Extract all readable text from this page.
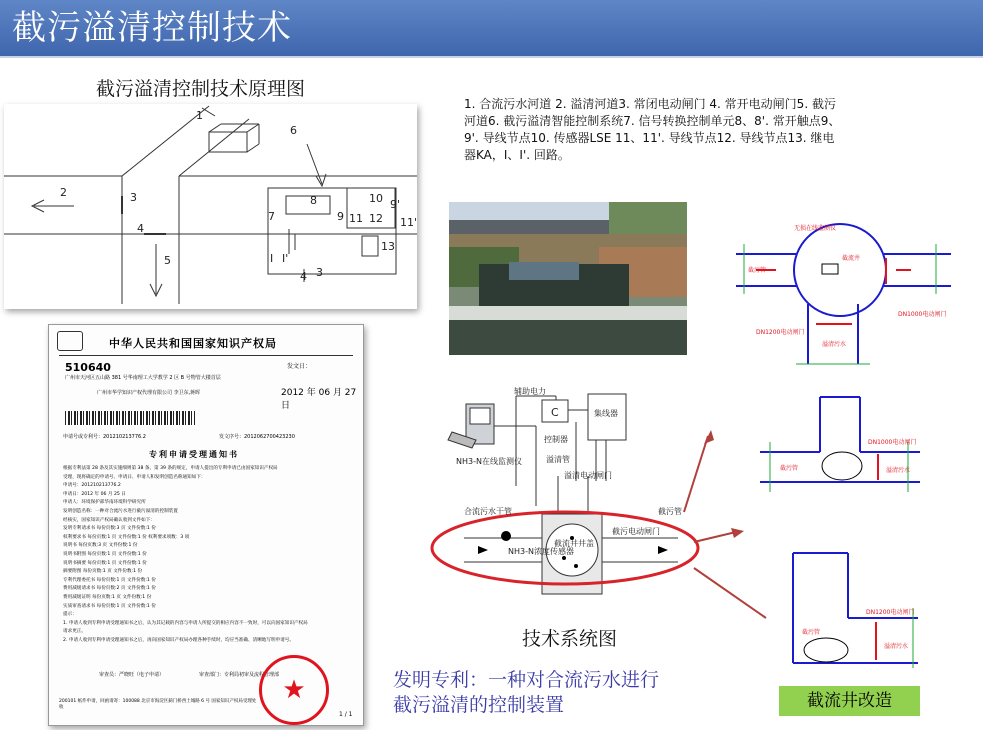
截污溢清控制技术
截污溢清控制技术原理图
1. 合流污水河道 2. 溢清河道3. 常闭电动闸门 4. 常开电动闸门5. 截污河道6. 截污溢清智能控制系统7. 信号转换控制单元8、8'. 常开触点9、9'. 导线节点10. 传感器LSE 11、11'. 导线节点12. 导线节点13. 继电器KA，I、I'. 回路。
1
2	3
4
5
6
7
8
9
10
11 12
13
I I'
3
9'
11'
4
无损在线监测仪
DN1000电动闸门
DN1200电动闸门
溢清污水
截污管
截流井
DN1000电动闸门
溢清污水
截污管
DN1200电动闸门
溢清污水
截污管
辅助电力
C	集线器
控制器
NH3-N在线监测仪	溢清管
溢清电动闸门
合流污水干管
NH3-N浓度传感器
截流井井盖
截污电动闸门
截污管
技术系统图
中华人民共和国国家知识产权局
510640
广州市天河区五山路 381 号华南理工大学教学 2 区 B 号物管大楼首层
广州市华学知识产权代理有限公司 李卫东,蒋晖
发文日：
2012 年 06 月 27 日
申请号或专利号：201210213776.2	发文序号：2012062700423230
专利申请受理通知书
根据专利法第 28 条及其实施细则第 38 条、第 39 条的规定，申请人提出的专利申请已由国家知识产权局
受理，现将确定的申请号、申请日、申请人和发明创造名称通知如下：
申请号：201210213776.2
申请日：2012 年 06 月 25 日
申请人：环境保护部华南环境科学研究所
发明创造名称：一种对合流污水进行截污溢清的控制装置
经核实，国家知识产权局确认收到文件如下：
发明专利请求书 每份页数:3 页 文件份数:1 份
权利要求书 每份页数:1 页 文件份数:1 份 权利要求项数：3 项
说明书 每份页数:3 页 文件份数:1 份
说明书附图 每份页数:1 页 文件份数:1 份
说明书摘要 每份页数:1 页 文件份数:1 份
摘要附图 每份页数:1 页 文件份数:1 份
专利代理委托书 每份页数:1 页 文件份数:1 份
费用减缓请求书 每份页数:2 页 文件份数:1 份
费用减缓证明 每份页数:1 页 文件份数:1 份
实质审查请求书 每份页数:1 页 文件份数:1 份
提示：
1. 申请人收到专利申请受理通知书之后，认为其记载的内容与申请人所提交的相应内容不一致时，可以向国家知识产权局
请求更正。
2. 申请人收到专利申请受理通知书之后，再向国家知识产权局办理各种手续时，均应当准确、清晰地写明申请号。
审查员：严晓旺（电子申请）	审查部门：专利局初审及流程管理部 ★
200101 纸件申请，回函请寄：100088 北京市海淀区蓟门桥西土城路 6 号 国家知识产权局受理处收
1 / 1
发明专利：一种对合流污水进行截污溢清的控制装置	截流井改造
